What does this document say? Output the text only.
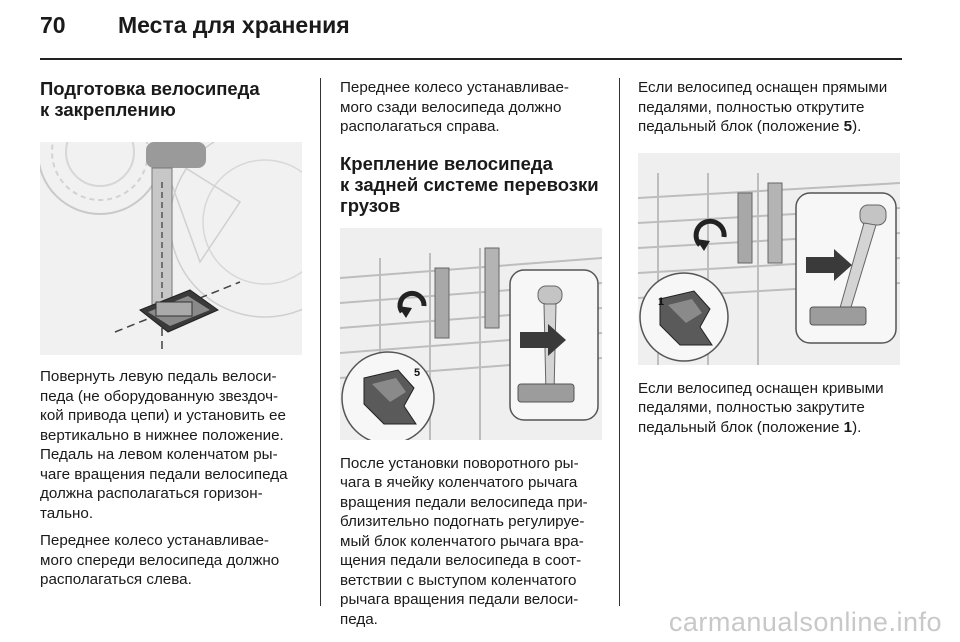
70 Места для хранения
Подготовка велосипеда
к закреплению
Повернуть левую педаль велоси-
педа (не оборудованную звездоч-
кой привода цепи) и установить ее
вертикально в нижнее положение.
Педаль на левом коленчатом ры-
чаге вращения педали велосипеда
должна располагаться горизон-
тально.
Переднее колесо устанавливае-
мого спереди велосипеда должно
располагаться слева.
Переднее колесо устанавливае-
мого сзади велосипеда должно
располагаться справа.
Крепление велосипеда
к задней системе перевозки
грузов
5
После установки поворотного ры-
чага в ячейку коленчатого рычага
вращения педали велосипеда при-
близительно подогнать регулируе-
мый блок коленчатого рычага вра-
щения педали велосипеда в соот-
ветствии с выступом коленчатого
рычага вращения педали велоси-
педа.
Если велосипед оснащен прямыми
педалями, полностью открутите
педальный блок (положение 5).
1
Если велосипед оснащен кривыми
педалями, полностью закрутите
педальный блок (положение 1).
carmanualsonline.info
